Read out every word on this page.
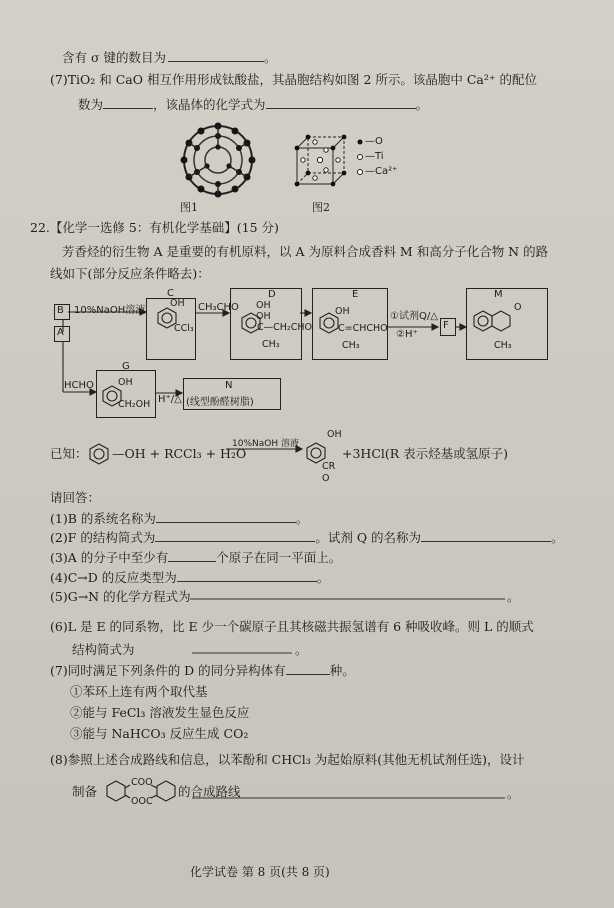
含有 σ 键的数目为	。
(7)TiO₂ 和 CaO 相互作用形成钛酸盐，其晶胞结构如图 2 所示。该晶胞中 Ca²⁺ 的配位
数为	，该晶体的化学式为	。
图1	图2
—O
—Ti
—Ca²⁺
22.【化学一选修 5：有机化学基础】(15 分)
芳香烃的衍生物 A 是重要的有机原料，以 A 为原料合成香料 M 和高分子化合物 N 的路
线如下(部分反应条件略去)：
B
A
10%NaOH溶液
C
OH
CCl₃
CH₃CHO
D
OH
OH
C—CH₂CHO
CH₃
E
OH
C=CHCHO
CH₃
①试剂Q/△
②H⁺
F
M
O
CH₃
HCHO
G
OH
CH₂OH H⁺/△
N
(线型酚醛树脂)
已知： —OH + RCCl₃ + H₂O
10%NaOH 溶液
OH
CR
O
+3HCl(R 表示烃基或氢原子)
请回答：
(1)B 的系统名称为	。
(2)F 的结构简式为	。试剂 Q 的名称为	。
(3)A 的分子中至少有	个原子在同一平面上。
(4)C→D 的反应类型为	。
(5)G→N 的化学方程式为	。
(6)L 是 E 的同系物，比 E 少一个碳原子且其核磁共振氢谱有 6 种吸收峰。则 L 的顺式
结构简式为	。
(7)同时满足下列条件的 D 的同分异构体有	种。
①苯环上连有两个取代基
②能与 FeCl₃ 溶液发生显色反应
③能与 NaHCO₃ 反应生成 CO₂
(8)参照上述合成路线和信息，以苯酚和 CHCl₃ 为起始原料(其他无机试剂任选)，设计
制备
COO
OOC
的合成路线	。
化学试卷 第 8 页(共 8 页)
